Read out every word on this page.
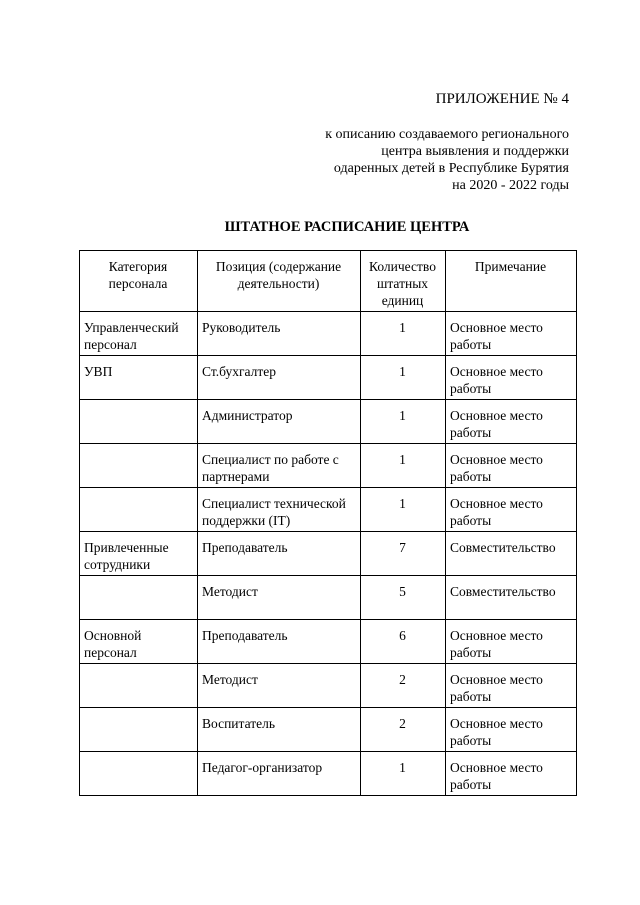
ПРИЛОЖЕНИЕ № 4
к описанию создаваемого регионального
центра выявления и поддержки
одаренных детей в Республике Бурятия
на 2020 - 2022 годы
ШТАТНОЕ РАСПИСАНИЕ ЦЕНТРА
Категория персонала	Позиция (содержание деятельности)	Количество штатных единиц	Примечание
Управленческий персонал	Руководитель	1	Основное место работы
УВП	Ст.бухгалтер	1	Основное место работы
	Администратор	1	Основное место работы
	Специалист по работе с партнерами	1	Основное место работы
	Специалист технической поддержки (IT)	1	Основное место работы
Привлеченные сотрудники	Преподаватель	7	Совместительство
	Методист	5	Совместительство
Основной персонал	Преподаватель	6	Основное место работы
	Методист	2	Основное место работы
	Воспитатель	2	Основное место работы
	Педагог-организатор	1	Основное место работы
